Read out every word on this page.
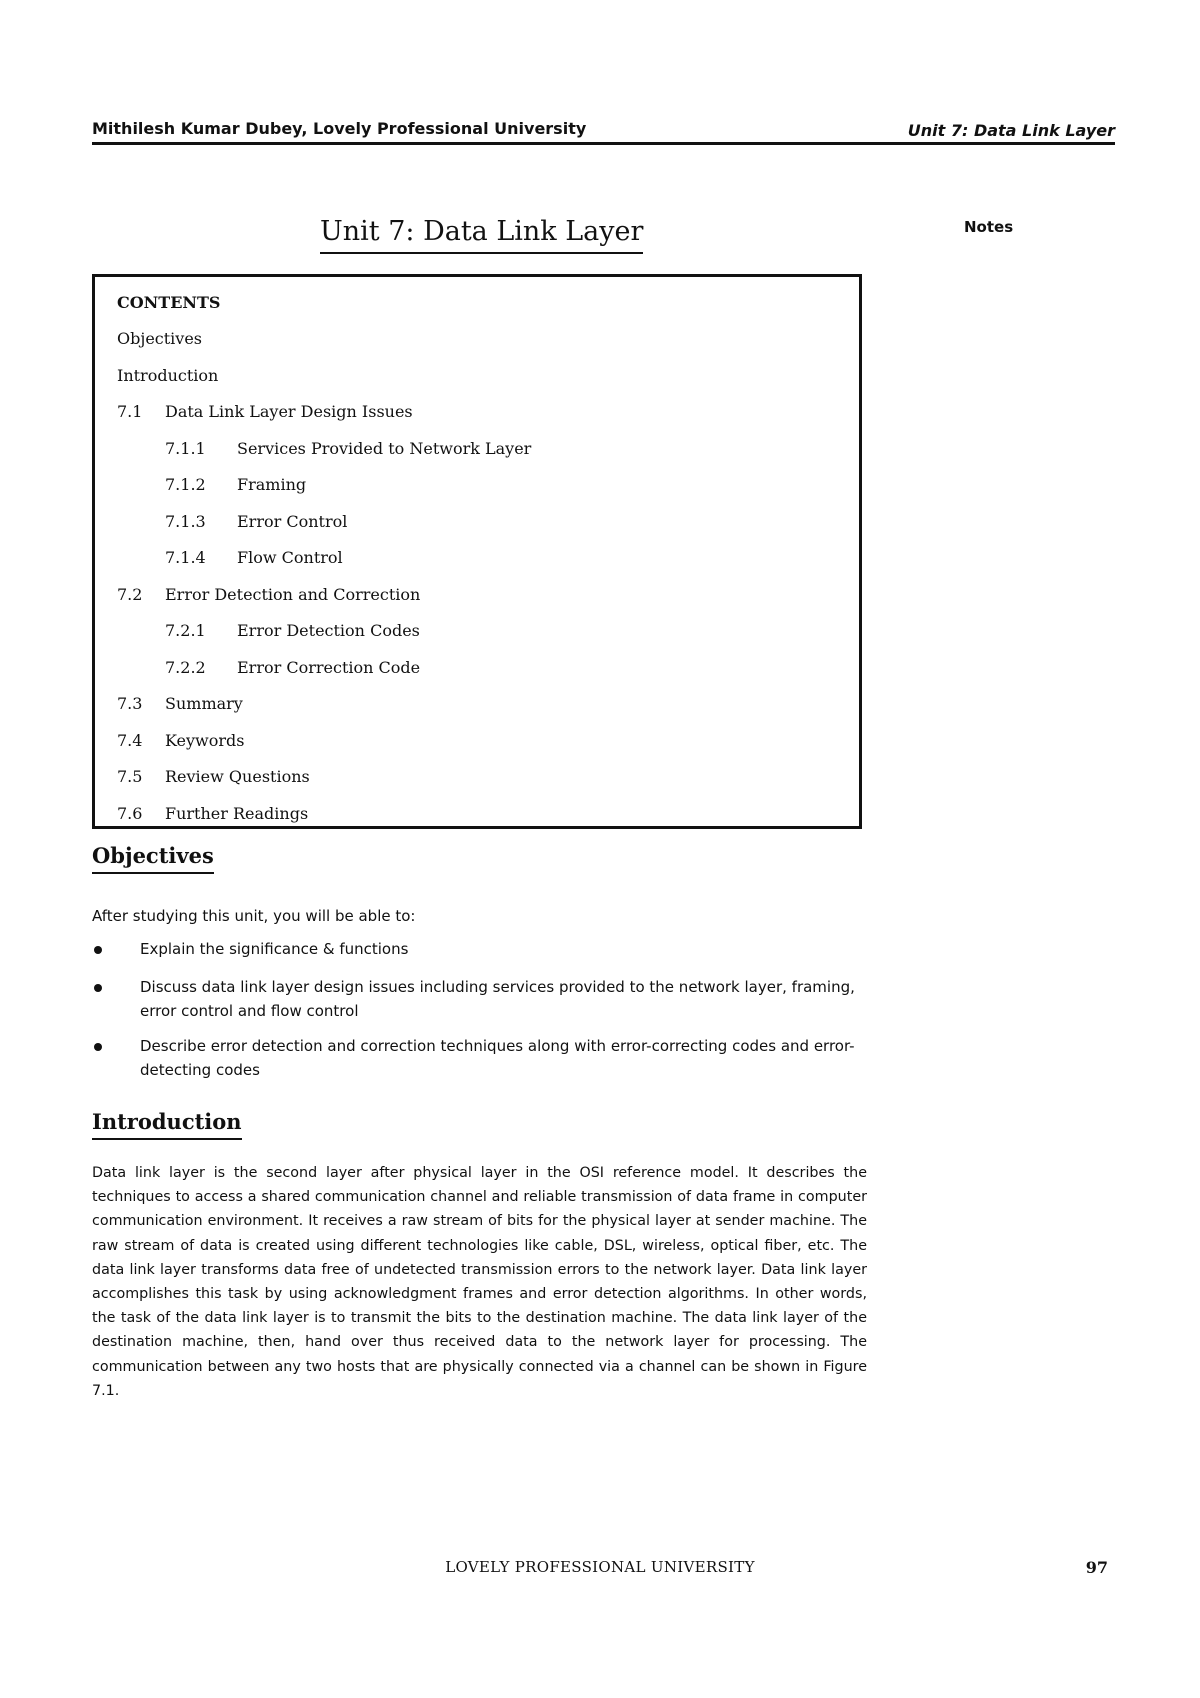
Mithilesh Kumar Dubey, Lovely Professional University	Unit 7: Data Link Layer
Notes
Unit 7: Data Link Layer
CONTENTS
Objectives
Introduction
7.1 Data Link Layer Design Issues
7.1.1 Services Provided to Network Layer
7.1.2 Framing
7.1.3 Error Control
7.1.4 Flow Control
7.2 Error Detection and Correction
7.2.1 Error Detection Codes
7.2.2 Error Correction Code
7.3 Summary
7.4 Keywords
7.5 Review Questions
7.6 Further Readings
Objectives
After studying this unit, you will be able to:
Explain the significance & functions
Discuss data link layer design issues including services provided to the network layer, framing, error control and flow control
Describe error detection and correction techniques along with error-correcting codes and error-detecting codes
Introduction
Data link layer is the second layer after physical layer in the OSI reference model. It describes the techniques to access a shared communication channel and reliable transmission of data frame in computer communication environment. It receives a raw stream of bits for the physical layer at sender machine. The raw stream of data is created using different technologies like cable, DSL, wireless, optical fiber, etc. The data link layer transforms data free of undetected transmission errors to the network layer. Data link layer accomplishes this task by using acknowledgment frames and error detection algorithms. In other words, the task of the data link layer is to transmit the bits to the destination machine. The data link layer of the destination machine, then, hand over thus received data to the network layer for processing. The communication between any two hosts that are physically connected via a channel can be shown in Figure 7.1.
LOVELY PROFESSIONAL UNIVERSITY	97
